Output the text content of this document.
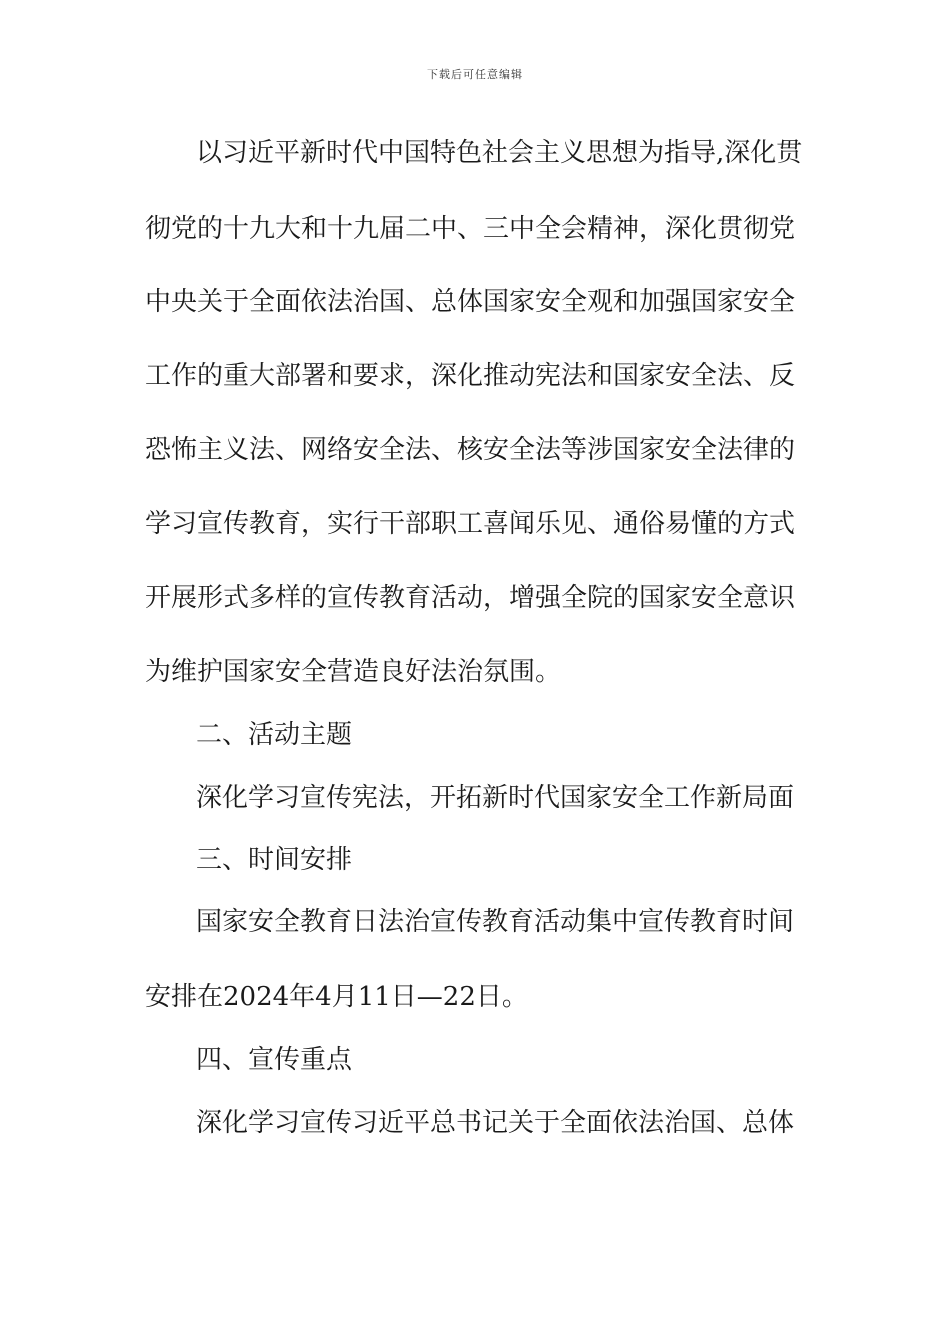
下载后可任意编辑
以习近平新时代中国特色社会主义思想为指导,深化贯
彻党的十九大和十九届二中、三中全会精神，深化贯彻党
中央关于全面依法治国、总体国家安全观和加强国家安全
工作的重大部署和要求，深化推动宪法和国家安全法、反
恐怖主义法、网络安全法、核安全法等涉国家安全法律的
学习宣传教育，实行干部职工喜闻乐见、通俗易懂的方式
开展形式多样的宣传教育活动，增强全院的国家安全意识
为维护国家安全营造良好法治氛围。
二、活动主题
深化学习宣传宪法，开拓新时代国家安全工作新局面
三、时间安排
国家安全教育日法治宣传教育活动集中宣传教育时间
安排在2024年4月11日—22日。
四、宣传重点
深化学习宣传习近平总书记关于全面依法治国、总体
